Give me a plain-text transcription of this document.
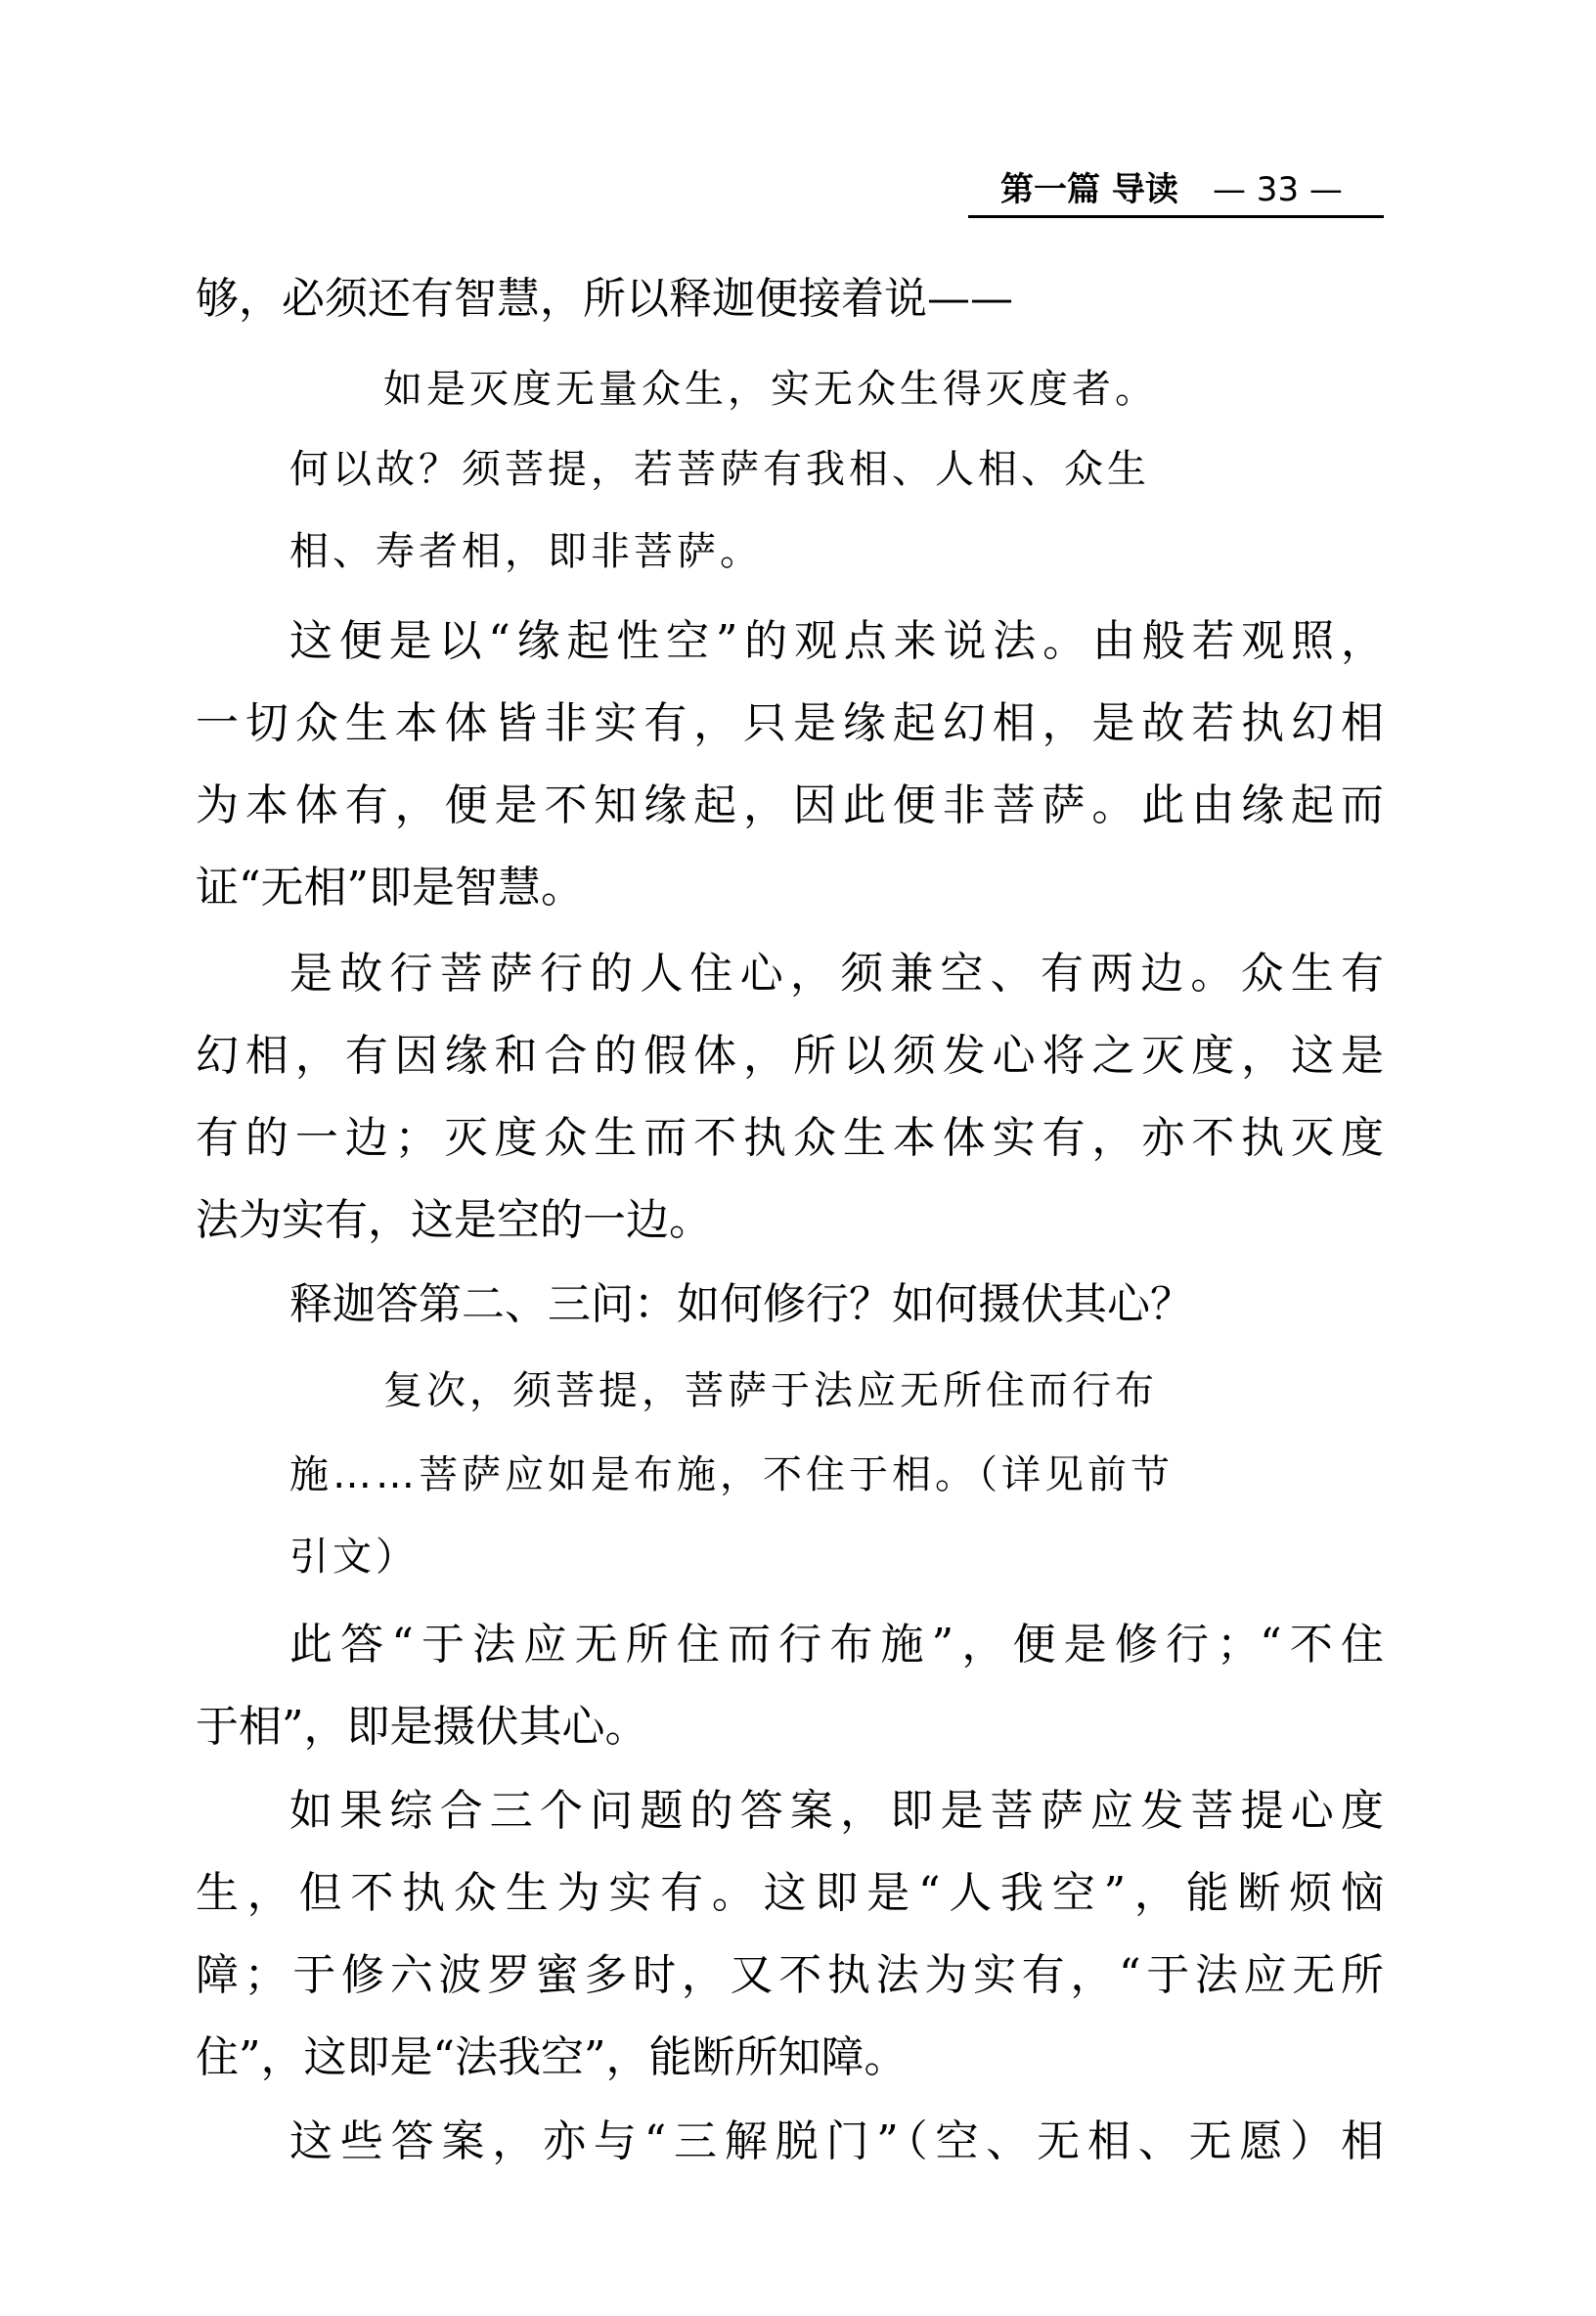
第一篇 导读 — 33 —
够，必须还有智慧，所以释迦便接着说——
如是灭度无量众生，实无众生得灭度者。
何以故？须菩提，若菩萨有我相、人相、众生
相、寿者相，即非菩萨。
这便是以“缘起性空”的观点来说法。由般若观照，
一切众生本体皆非实有，只是缘起幻相，是故若执幻相
为本体有，便是不知缘起，因此便非菩萨。此由缘起而
证“无相”即是智慧。
是故行菩萨行的人住心，须兼空、有两边。众生有
幻相，有因缘和合的假体，所以须发心将之灭度，这是
有的一边；灭度众生而不执众生本体实有，亦不执灭度
法为实有，这是空的一边。
释迦答第二、三问：如何修行？如何摄伏其心？
复次，须菩提，菩萨于法应无所住而行布
施……菩萨应如是布施，不住于相。（详见前节
引文）
此答“于法应无所住而行布施”，便是修行；“不住
于相”，即是摄伏其心。
如果综合三个问题的答案，即是菩萨应发菩提心度
生，但不执众生为实有。这即是“人我空”，能断烦恼
障；于修六波罗蜜多时，又不执法为实有，“于法应无所
住”，这即是“法我空”，能断所知障。
这些答案，亦与“三解脱门”（空、无相、无愿）相
